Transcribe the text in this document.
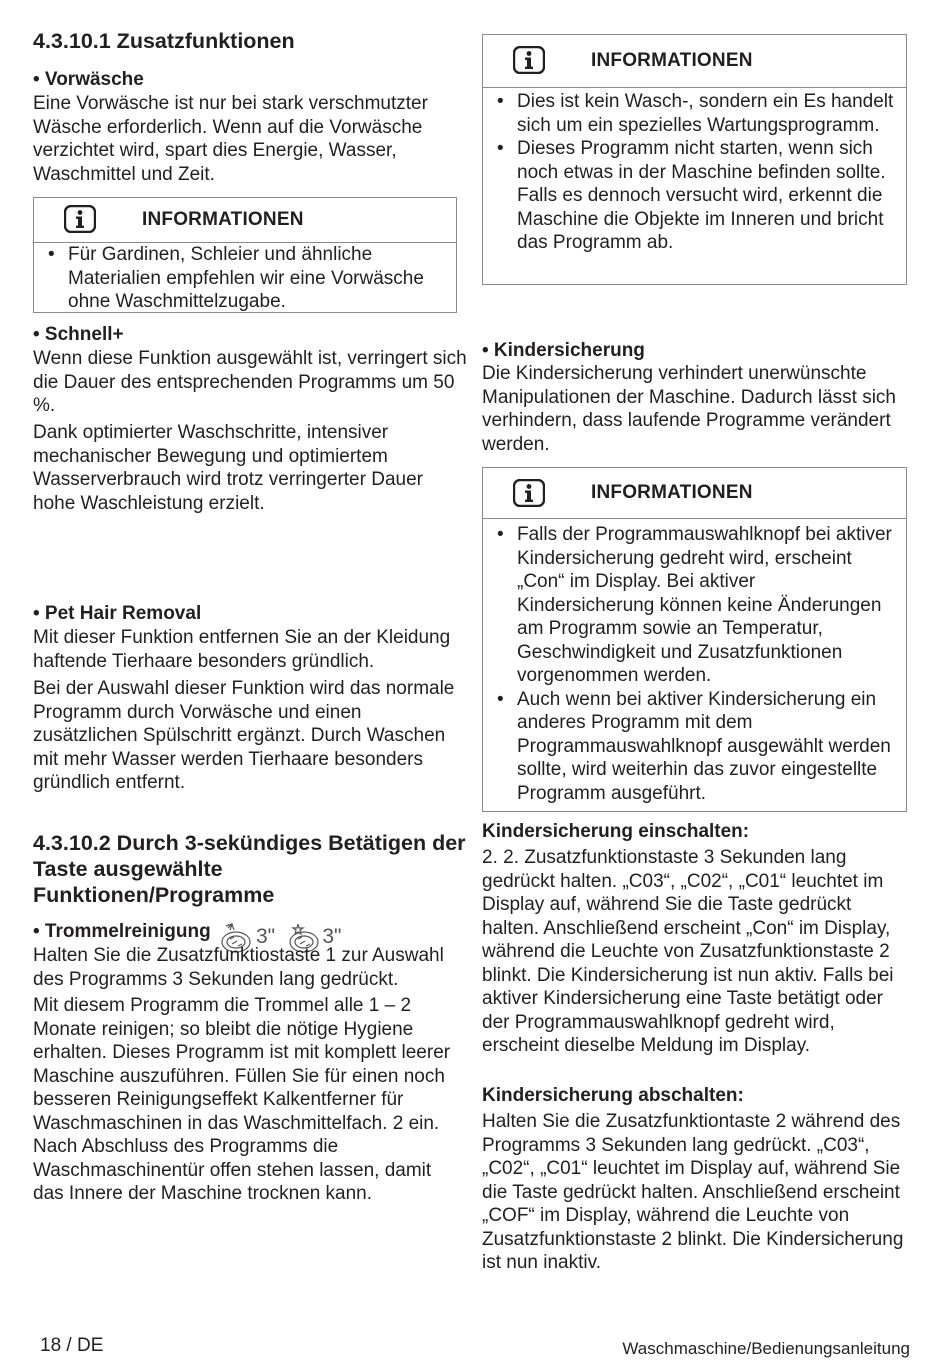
4.3.10.1 Zusatzfunktionen
• Vorwäsche

Eine Vorwäsche ist nur bei stark verschmutzter Wäsche erforderlich. Wenn auf die Vorwäsche verzichtet wird, spart dies Energie, Wasser, Waschmittel und Zeit.

INFORMATIONEN
• Für Gardinen, Schleier und ähnliche Materialien empfehlen wir eine Vorwäsche ohne Waschmittelzugabe.
• Schnell+

Wenn diese Funktion ausgewählt ist, verringert sich die Dauer des entsprechenden Programms um 50 %.

Dank optimierter Waschschritte, intensiver mechanischer Bewegung und optimiertem Wasserverbrauch wird trotz verringerter Dauer hohe Waschleistung erzielt.

• Pet Hair Removal

Mit dieser Funktion entfernen Sie an der Kleidung haftende Tierhaare besonders gründlich.

Bei der Auswahl dieser Funktion wird das normale Programm durch Vorwäsche und einen zusätzlichen Spülschritt ergänzt. Durch Waschen mit mehr Wasser werden Tierhaare besonders gründlich entfernt.

4.3.10.2 Durch 3-sekündiges Betätigen der Taste ausgewählte Funktionen/Programme
• Trommelreinigung 3" 3"

Halten Sie die Zusatzfunktiostaste 1 zur Auswahl des Programms 3 Sekunden lang gedrückt.

Mit diesem Programm die Trommel alle 1 – 2 Monate reinigen; so bleibt die nötige Hygiene erhalten. Dieses Programm ist mit komplett leerer Maschine auszuführen. Füllen Sie für einen noch besseren Reinigungseffekt Kalkentferner für Waschmaschinen in das Waschmittelfach. 2 ein. Nach Abschluss des Programms die Waschmaschinentür offen stehen lassen, damit das Innere der Maschine trocknen kann.

INFORMATIONEN
• Dies ist kein Wasch-, sondern ein Es handelt sich um ein spezielles Wartungsprogramm.
• Dieses Programm nicht starten, wenn sich noch etwas in der Maschine befinden sollte. Falls es dennoch versucht wird, erkennt die Maschine die Objekte im Inneren und bricht das Programm ab.
• Kindersicherung

Die Kindersicherung verhindert unerwünschte Manipulationen der Maschine. Dadurch lässt sich verhindern, dass laufende Programme verändert werden.

INFORMATIONEN
• Falls der Programmauswahlknopf bei aktiver Kindersicherung gedreht wird, erscheint „Con“ im Display. Bei aktiver Kindersicherung können keine Änderungen am Programm sowie an Temperatur, Geschwindigkeit und Zusatzfunktionen vorgenommen werden.
• Auch wenn bei aktiver Kindersicherung ein anderes Programm mit dem Programmauswahlknopf ausgewählt werden sollte, wird weiterhin das zuvor eingestellte Programm ausgeführt.
Kindersicherung einschalten:

2. 2. Zusatzfunktionstaste 3 Sekunden lang gedrückt halten. „C03“, „C02“, „C01“ leuchtet im Display auf, während Sie die Taste gedrückt halten. Anschließend erscheint „Con“ im Display, während die Leuchte von Zusatzfunktionstaste 2 blinkt. Die Kindersicherung ist nun aktiv. Falls bei aktiver Kindersicherung eine Taste betätigt oder der Programmauswahlknopf gedreht wird, erscheint dieselbe Meldung im Display.

Kindersicherung abschalten:

Halten Sie die Zusatzfunktiontaste 2 während des Programms 3 Sekunden lang gedrückt. „C03“, „C02“, „C01“ leuchtet im Display auf, während Sie die Taste gedrückt halten. Anschließend erscheint „COF“ im Display, während die Leuchte von Zusatzfunktionstaste 2 blinkt. Die Kindersicherung ist nun inaktiv.

18 / DE	Waschmaschine/Bedienungsanleitung
